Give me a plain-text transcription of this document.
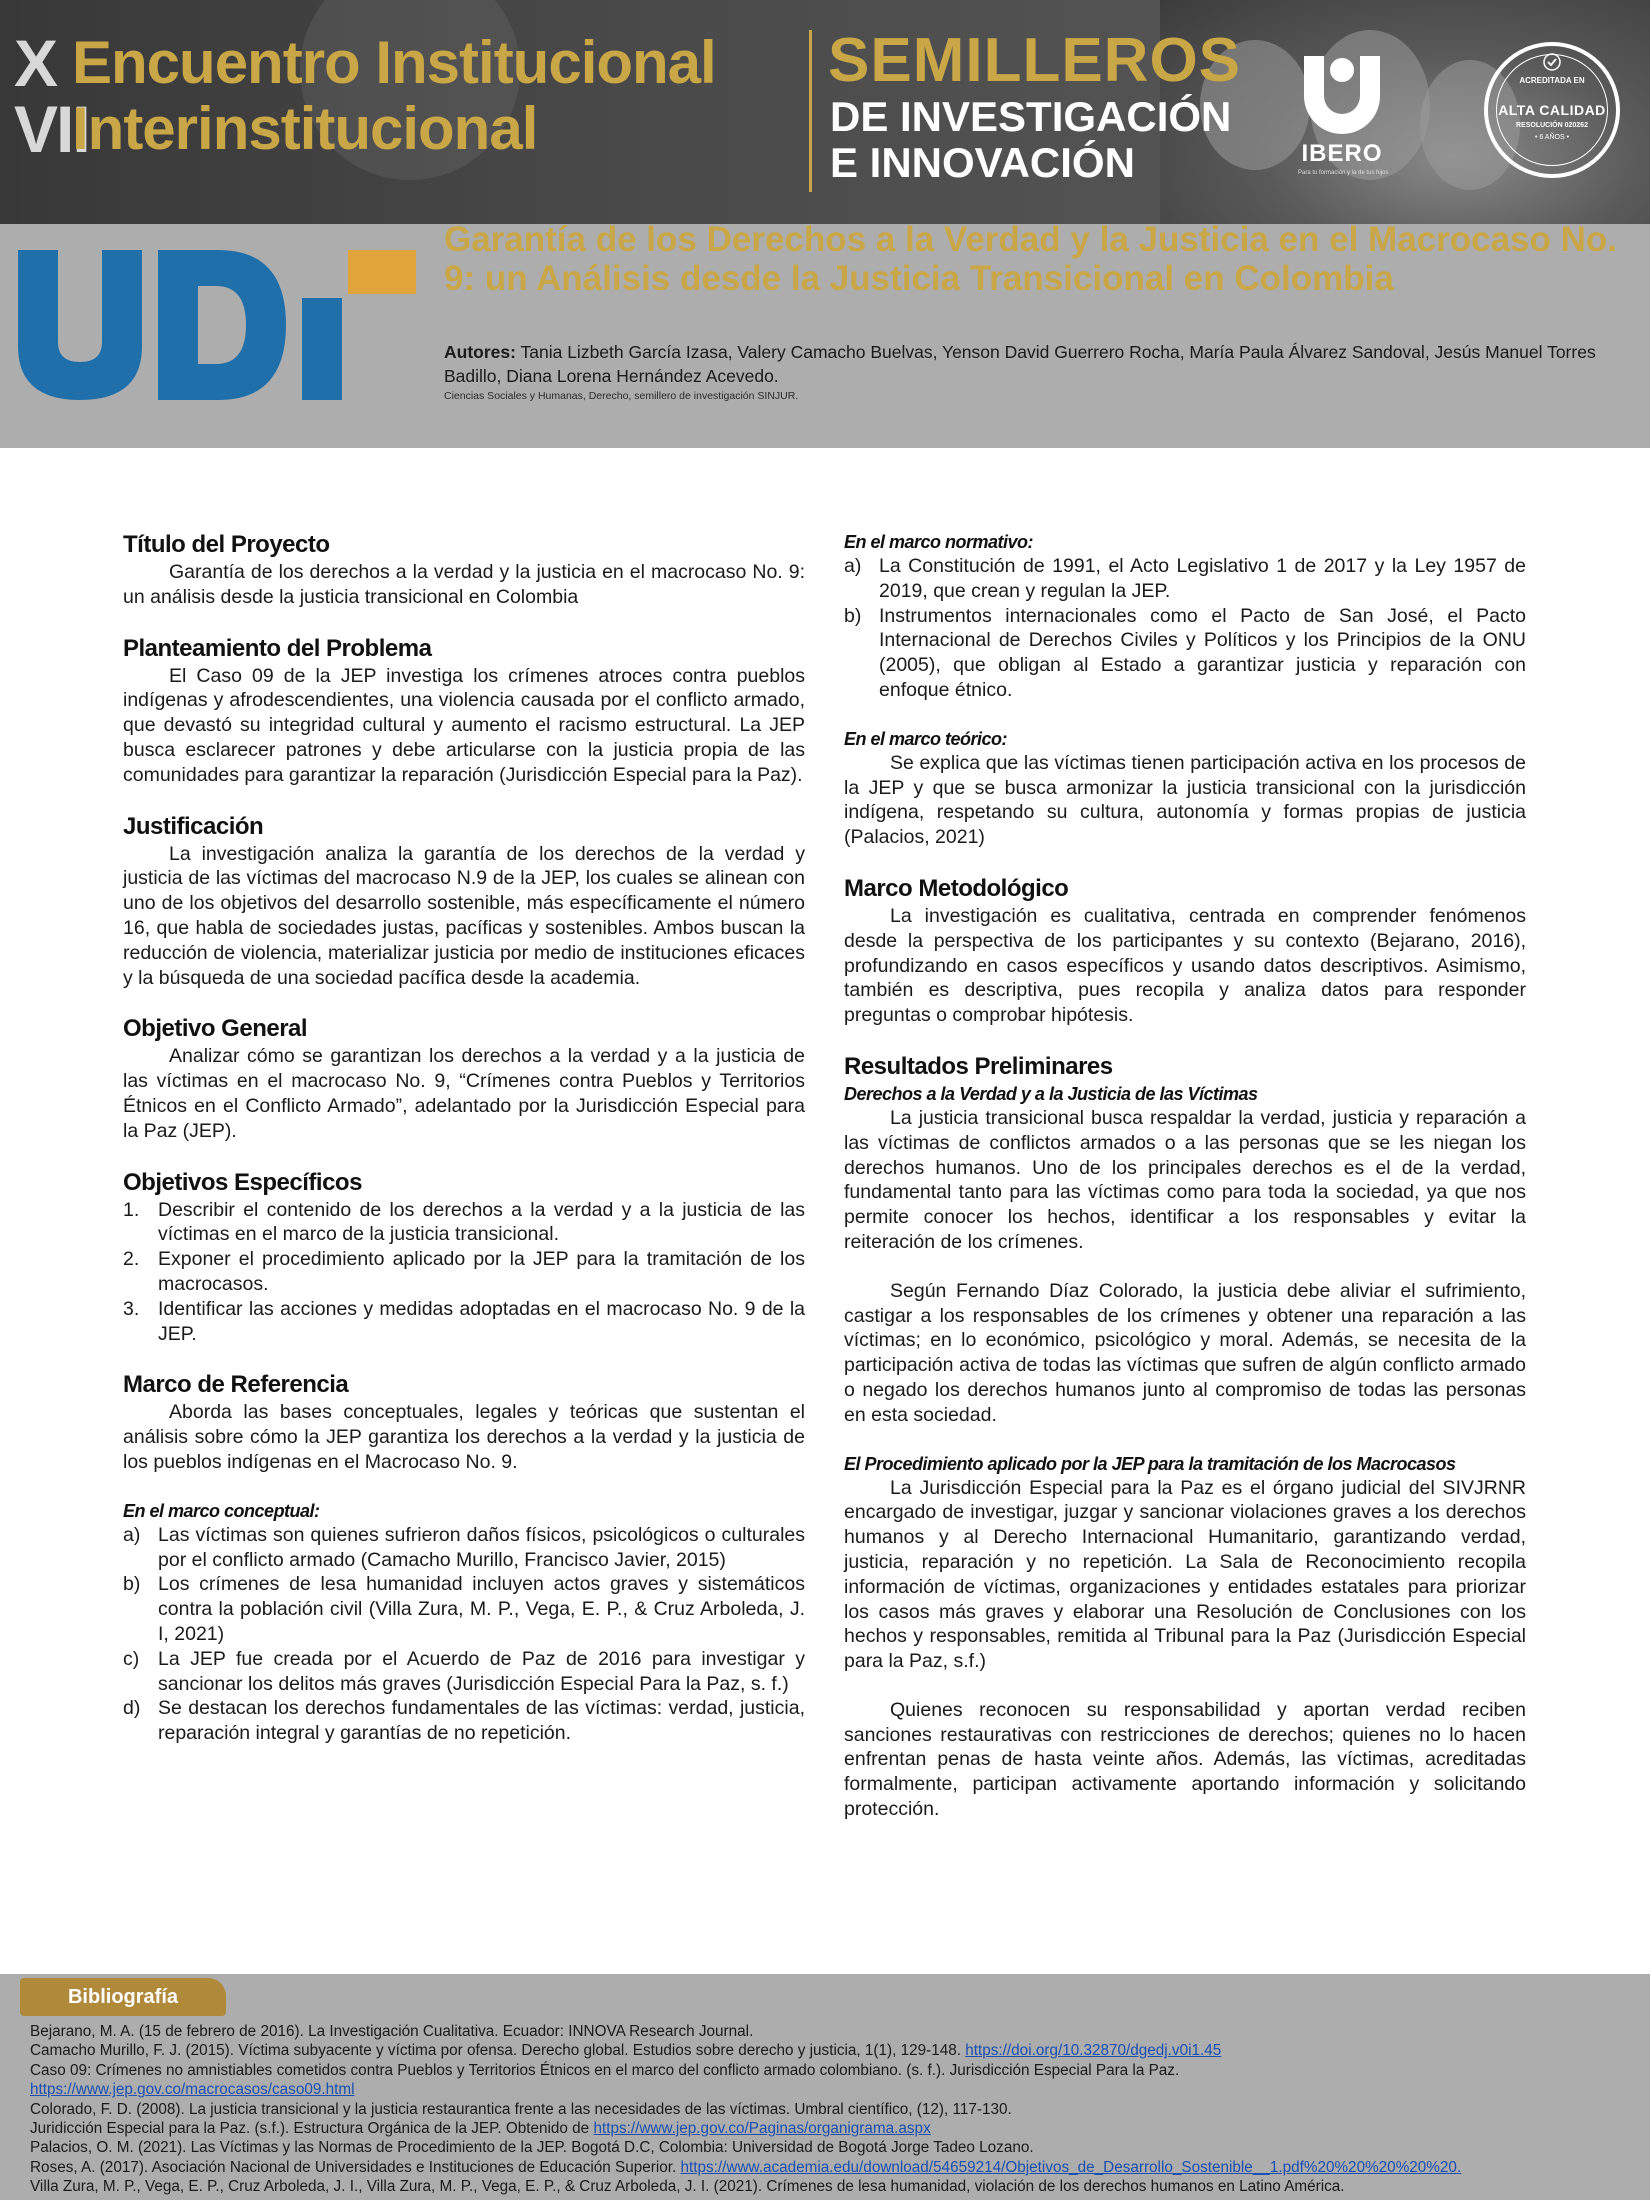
X
VII
Encuentro Institucional
Interinstitucional
SEMILLEROS
DE INVESTIGACIÓN
E INNOVACIÓN	IBERO
Para tu formación y la de tus hijos
ACREDITADA EN
ALTA CALIDAD
RESOLUCIÓN 020262
• 6 AÑOS •
Garantía de los Derechos a la Verdad y la Justicia en el Macrocaso No. 9: un Análisis desde la Justicia Transicional en Colombia
Autores: Tania Lizbeth García Izasa, Valery Camacho Buelvas, Yenson David Guerrero Rocha, María Paula Álvarez Sandoval, Jesús Manuel Torres Badillo, Diana Lorena Hernández Acevedo.
Ciencias Sociales y Humanas, Derecho, semillero de investigación SINJUR.
Título del Proyecto

Garantía de los derechos a la verdad y la justicia en el macrocaso No. 9: un análisis desde la justicia transicional en Colombia

Planteamiento del Problema

El Caso 09 de la JEP investiga los crímenes atroces contra pueblos indígenas y afrodescendientes, una violencia causada por el conflicto armado, que devastó su integridad cultural y aumento el racismo estructural. La JEP busca esclarecer patrones y debe articularse con la justicia propia de las comunidades para garantizar la reparación (Jurisdicción Especial para la Paz).

Justificación

La investigación analiza la garantía de los derechos de la verdad y justicia de las víctimas del macrocaso N.9 de la JEP, los cuales se alinean con uno de los objetivos del desarrollo sostenible, más específicamente el número 16, que habla de sociedades justas, pacíficas y sostenibles. Ambos buscan la reducción de violencia, materializar justicia por medio de instituciones eficaces y la búsqueda de una sociedad pacífica desde la academia.

Objetivo General

Analizar cómo se garantizan los derechos a la verdad y a la justicia de las víctimas en el macrocaso No. 9, “Crímenes contra Pueblos y Territorios Étnicos en el Conflicto Armado”, adelantado por la Jurisdicción Especial para la Paz (JEP).

Objetivos Específicos
1. Describir el contenido de los derechos a la verdad y a la justicia de las víctimas en el marco de la justicia transicional.
2. Exponer el procedimiento aplicado por la JEP para la tramitación de los macrocasos.
3. Identificar las acciones y medidas adoptadas en el macrocaso No. 9 de la JEP.
Marco de Referencia

Aborda las bases conceptuales, legales y teóricas que sustentan el análisis sobre cómo la JEP garantiza los derechos a la verdad y la justicia de los pueblos indígenas en el Macrocaso No. 9.

En el marco conceptual:
a) Las víctimas son quienes sufrieron daños físicos, psicológicos o culturales por el conflicto armado (Camacho Murillo, Francisco Javier, 2015)
b) Los crímenes de lesa humanidad incluyen actos graves y sistemáticos contra la población civil (Villa Zura, M. P., Vega, E. P., & Cruz Arboleda, J. I, 2021)
c) La JEP fue creada por el Acuerdo de Paz de 2016 para investigar y sancionar los delitos más graves (Jurisdicción Especial Para la Paz, s. f.)
d) Se destacan los derechos fundamentales de las víctimas: verdad, justicia, reparación integral y garantías de no repetición.
En el marco normativo:
a) La Constitución de 1991, el Acto Legislativo 1 de 2017 y la Ley 1957 de 2019, que crean y regulan la JEP.
b) Instrumentos internacionales como el Pacto de San José, el Pacto Internacional de Derechos Civiles y Políticos y los Principios de la ONU (2005), que obligan al Estado a garantizar justicia y reparación con enfoque étnico.
En el marco teórico:

Se explica que las víctimas tienen participación activa en los procesos de la JEP y que se busca armonizar la justicia transicional con la jurisdicción indígena, respetando su cultura, autonomía y formas propias de justicia (Palacios, 2021)

Marco Metodológico

La investigación es cualitativa, centrada en comprender fenómenos desde la perspectiva de los participantes y su contexto (Bejarano, 2016), profundizando en casos específicos y usando datos descriptivos. Asimismo, también es descriptiva, pues recopila y analiza datos para responder preguntas o comprobar hipótesis.

Resultados Preliminares
Derechos a la Verdad y a la Justicia de las Víctimas

La justicia transicional busca respaldar la verdad, justicia y reparación a las víctimas de conflictos armados o a las personas que se les niegan los derechos humanos. Uno de los principales derechos es el de la verdad, fundamental tanto para las víctimas como para toda la sociedad, ya que nos permite conocer los hechos, identificar a los responsables y evitar la reiteración de los crímenes.

Según Fernando Díaz Colorado, la justicia debe aliviar el sufrimiento, castigar a los responsables de los crímenes y obtener una reparación a las víctimas; en lo económico, psicológico y moral. Además, se necesita de la participación activa de todas las víctimas que sufren de algún conflicto armado o negado los derechos humanos junto al compromiso de todas las personas en esta sociedad.

El Procedimiento aplicado por la JEP para la tramitación de los Macrocasos

La Jurisdicción Especial para la Paz es el órgano judicial del SIVJRNR encargado de investigar, juzgar y sancionar violaciones graves a los derechos humanos y al Derecho Internacional Humanitario, garantizando verdad, justicia, reparación y no repetición. La Sala de Reconocimiento recopila información de víctimas, organizaciones y entidades estatales para priorizar los casos más graves y elaborar una Resolución de Conclusiones con los hechos y responsables, remitida al Tribunal para la Paz (Jurisdicción Especial para la Paz, s.f.)

Quienes reconocen su responsabilidad y aportan verdad reciben sanciones restaurativas con restricciones de derechos; quienes no lo hacen enfrentan penas de hasta veinte años. Además, las víctimas, acreditadas formalmente, participan activamente aportando información y solicitando protección.

Bibliografía
Bejarano, M. A. (15 de febrero de 2016). La Investigación Cualitativa. Ecuador: INNOVA Research Journal.
Camacho Murillo, F. J. (2015). Víctima subyacente y víctima por ofensa. Derecho global. Estudios sobre derecho y justicia, 1(1), 129-148. https://doi.org/10.32870/dgedj.v0i1.45
Caso 09: Crímenes no amnistiables cometidos contra Pueblos y Territorios Étnicos en el marco del conflicto armado colombiano. (s. f.). Jurisdicción Especial Para la Paz.
https://www.jep.gov.co/macrocasos/caso09.html
Colorado, F. D. (2008). La justicia transicional y la justicia restaurantica frente a las necesidades de las víctimas. Umbral científico, (12), 117-130.
Juridicción Especial para la Paz. (s.f.). Estructura Orgánica de la JEP. Obtenido de https://www.jep.gov.co/Paginas/organigrama.aspx
Palacios, O. M. (2021). Las Víctimas y las Normas de Procedimiento de la JEP. Bogotá D.C, Colombia: Universidad de Bogotá Jorge Tadeo Lozano.
Roses, A. (2017). Asociación Nacional de Universidades e Instituciones de Educación Superior. https://www.academia.edu/download/54659214/Objetivos_de_Desarrollo_Sostenible__1.pdf%20%20%20%20%20.
Villa Zura, M. P., Vega, E. P., Cruz Arboleda, J. I., Villa Zura, M. P., Vega, E. P., & Cruz Arboleda, J. I. (2021). Crímenes de lesa humanidad, violación de los derechos humanos en Latino América.
